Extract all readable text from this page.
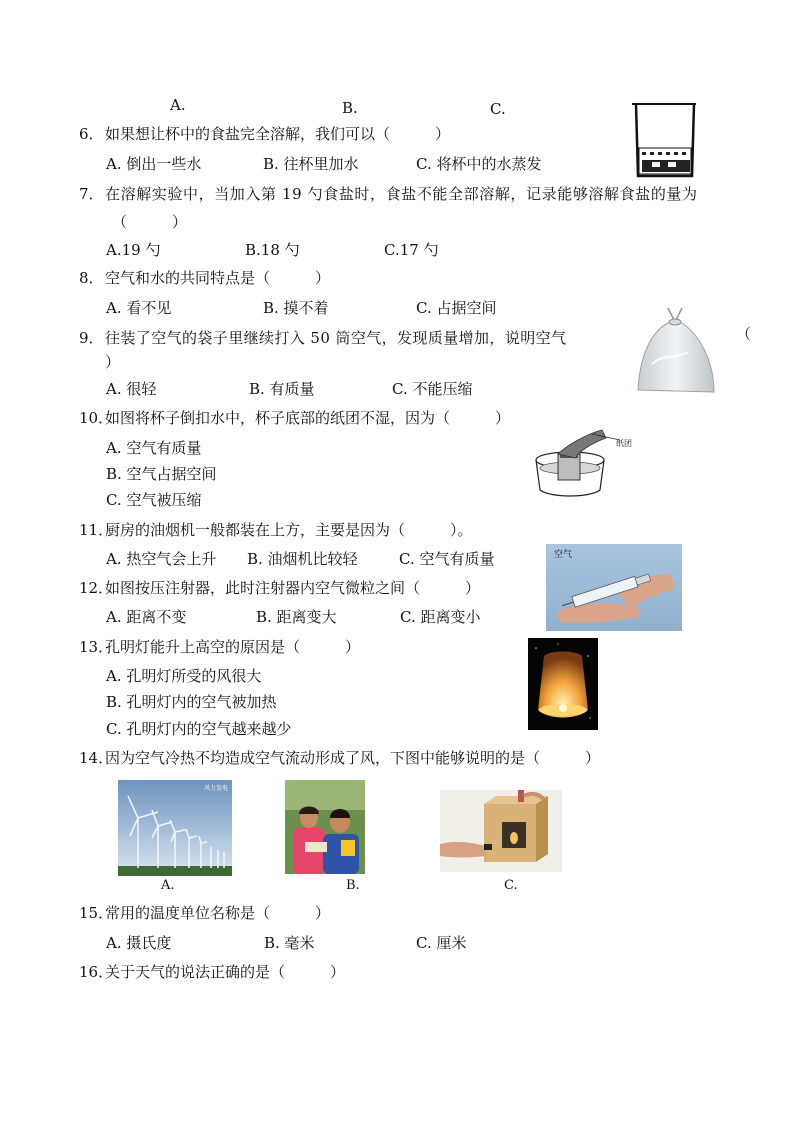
A.	B.	C.
6． 如果想让杯中的食盐完全溶解，我们可以（　　　）
A. 倒出一些水	B. 往杯里加水	C. 将杯中的水蒸发
7． 在溶解实验中，当加入第 19 勺食盐时，食盐不能全部溶解，记录能够溶解食盐的量为
（　　　）
A.19 勺	B.18 勺	C.17 勺
8． 空气和水的共同特点是（　　　）
A. 看不见	B. 摸不着	C. 占据空间
9． 往装了空气的袋子里继续打入 50 筒空气，发现质量增加，说明空气	（
）
A. 很轻	B. 有质量	C. 不能压缩
10．
如图将杯子倒扣水中，杯子底部的纸团不湿，因为（　　　）
A. 空气有质量
B. 空气占据空间
C. 空气被压缩
纸团
11．
厨房的油烟机一般都装在上方，主要是因为（　　　）。
A. 热空气会上升 B. 油烟机比较轻	C. 空气有质量	空气
12．
如图按压注射器，此时注射器内空气微粒之间（　　　）
A. 距离不变	B. 距离变大	C. 距离变小
13．
孔明灯能升上高空的原因是（　　　）
A. 孔明灯所受的风很大
B. 孔明灯内的空气被加热
C. 孔明灯内的空气越来越少
14．
因为空气冷热不均造成空气流动形成了风，下图中能够说明的是（　　　）
风力发电
A.	B.	C.
15．
常用的温度单位名称是（　　　）
A. 摄氏度	B. 毫米	C. 厘米
16．
关于天气的说法正确的是（　　　）
